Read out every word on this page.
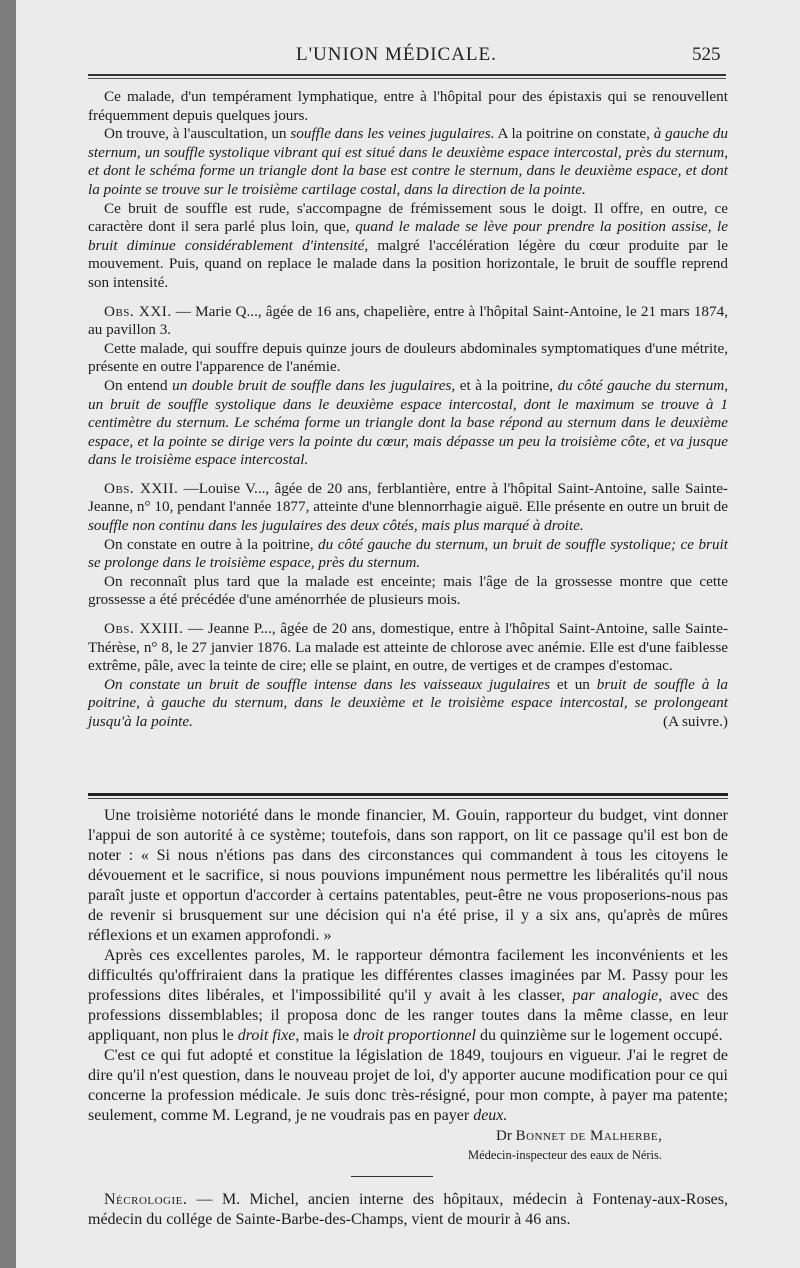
L'UNION MÉDICALE.	525

Ce malade, d'un tempérament lymphatique, entre à l'hôpital pour des épistaxis qui se renouvellent fréquemment depuis quelques jours.

On trouve, à l'auscultation, un souffle dans les veines jugulaires. A la poitrine on constate, à gauche du sternum, un souffle systolique vibrant qui est situé dans le deuxième espace intercostal, près du sternum, et dont le schéma forme un triangle dont la base est contre le sternum, dans le deuxième espace, et dont la pointe se trouve sur le troisième cartilage costal, dans la direction de la pointe.

Ce bruit de souffle est rude, s'accompagne de frémissement sous le doigt. Il offre, en outre, ce caractère dont il sera parlé plus loin, que, quand le malade se lève pour prendre la position assise, le bruit diminue considérablement d'intensité, malgré l'accélération légère du cœur produite par le mouvement. Puis, quand on replace le malade dans la position horizontale, le bruit de souffle reprend son intensité.

Obs. XXI. — Marie Q..., âgée de 16 ans, chapelière, entre à l'hôpital Saint-Antoine, le 21 mars 1874, au pavillon 3.

Cette malade, qui souffre depuis quinze jours de douleurs abdominales symptomatiques d'une métrite, présente en outre l'apparence de l'anémie.

On entend un double bruit de souffle dans les jugulaires, et à la poitrine, du côté gauche du sternum, un bruit de souffle systolique dans le deuxième espace intercostal, dont le maximum se trouve à 1 centimètre du sternum. Le schéma forme un triangle dont la base répond au sternum dans le deuxième espace, et la pointe se dirige vers la pointe du cœur, mais dépasse un peu la troisième côte, et va jusque dans le troisième espace intercostal.

Obs. XXII. —Louise V..., âgée de 20 ans, ferblantière, entre à l'hôpital Saint-Antoine, salle Sainte-Jeanne, n° 10, pendant l'année 1877, atteinte d'une blennorrhagie aiguë. Elle présente en outre un bruit de souffle non continu dans les jugulaires des deux côtés, mais plus marqué à droite.

On constate en outre à la poitrine, du côté gauche du sternum, un bruit de souffle systolique; ce bruit se prolonge dans le troisième espace, près du sternum.

On reconnaît plus tard que la malade est enceinte; mais l'âge de la grossesse montre que cette grossesse a été précédée d'une aménorrhée de plusieurs mois.

Obs. XXIII. — Jeanne P..., âgée de 20 ans, domestique, entre à l'hôpital Saint-Antoine, salle Sainte-Thérèse, n° 8, le 27 janvier 1876. La malade est atteinte de chlorose avec anémie. Elle est d'une faiblesse extrême, pâle, avec la teinte de cire; elle se plaint, en outre, de vertiges et de crampes d'estomac.

On constate un bruit de souffle intense dans les vaisseaux jugulaires et un bruit de souffle à la poitrine, à gauche du sternum, dans le deuxième et le troisième espace intercostal, se prolongeant jusqu'à la pointe.	(A suivre.)

Une troisième notoriété dans le monde financier, M. Gouin, rapporteur du budget, vint donner l'appui de son autorité à ce système; toutefois, dans son rapport, on lit ce passage qu'il est bon de noter : « Si nous n'étions pas dans des circonstances qui commandent à tous les citoyens le dévouement et le sacrifice, si nous pouvions impunément nous permettre les libéralités qu'il nous paraît juste et opportun d'accorder à certains patentables, peut-être ne vous proposerions-nous pas de revenir si brusquement sur une décision qui n'a été prise, il y a six ans, qu'après de mûres réflexions et un examen approfondi. »

Après ces excellentes paroles, M. le rapporteur démontra facilement les inconvénients et les difficultés qu'offriraient dans la pratique les différentes classes imaginées par M. Passy pour les professions dites libérales, et l'impossibilité qu'il y avait à les classer, par analogie, avec des professions dissemblables; il proposa donc de les ranger toutes dans la même classe, en leur appliquant, non plus le droit fixe, mais le droit proportionnel du quinzième sur le logement occupé.

C'est ce qui fut adopté et constitue la législation de 1849, toujours en vigueur. J'ai le regret de dire qu'il n'est question, dans le nouveau projet de loi, d'y apporter aucune modification pour ce qui concerne la profession médicale. Je suis donc très-résigné, pour mon compte, à payer ma patente; seulement, comme M. Legrand, je ne voudrais pas en payer deux.

Dr Bonnet de Malherbe,
Médecin-inspecteur des eaux de Néris.
Nécrologie. — M. Michel, ancien interne des hôpitaux, médecin à Fontenay-aux-Roses, médecin du collége de Sainte-Barbe-des-Champs, vient de mourir à 46 ans.
